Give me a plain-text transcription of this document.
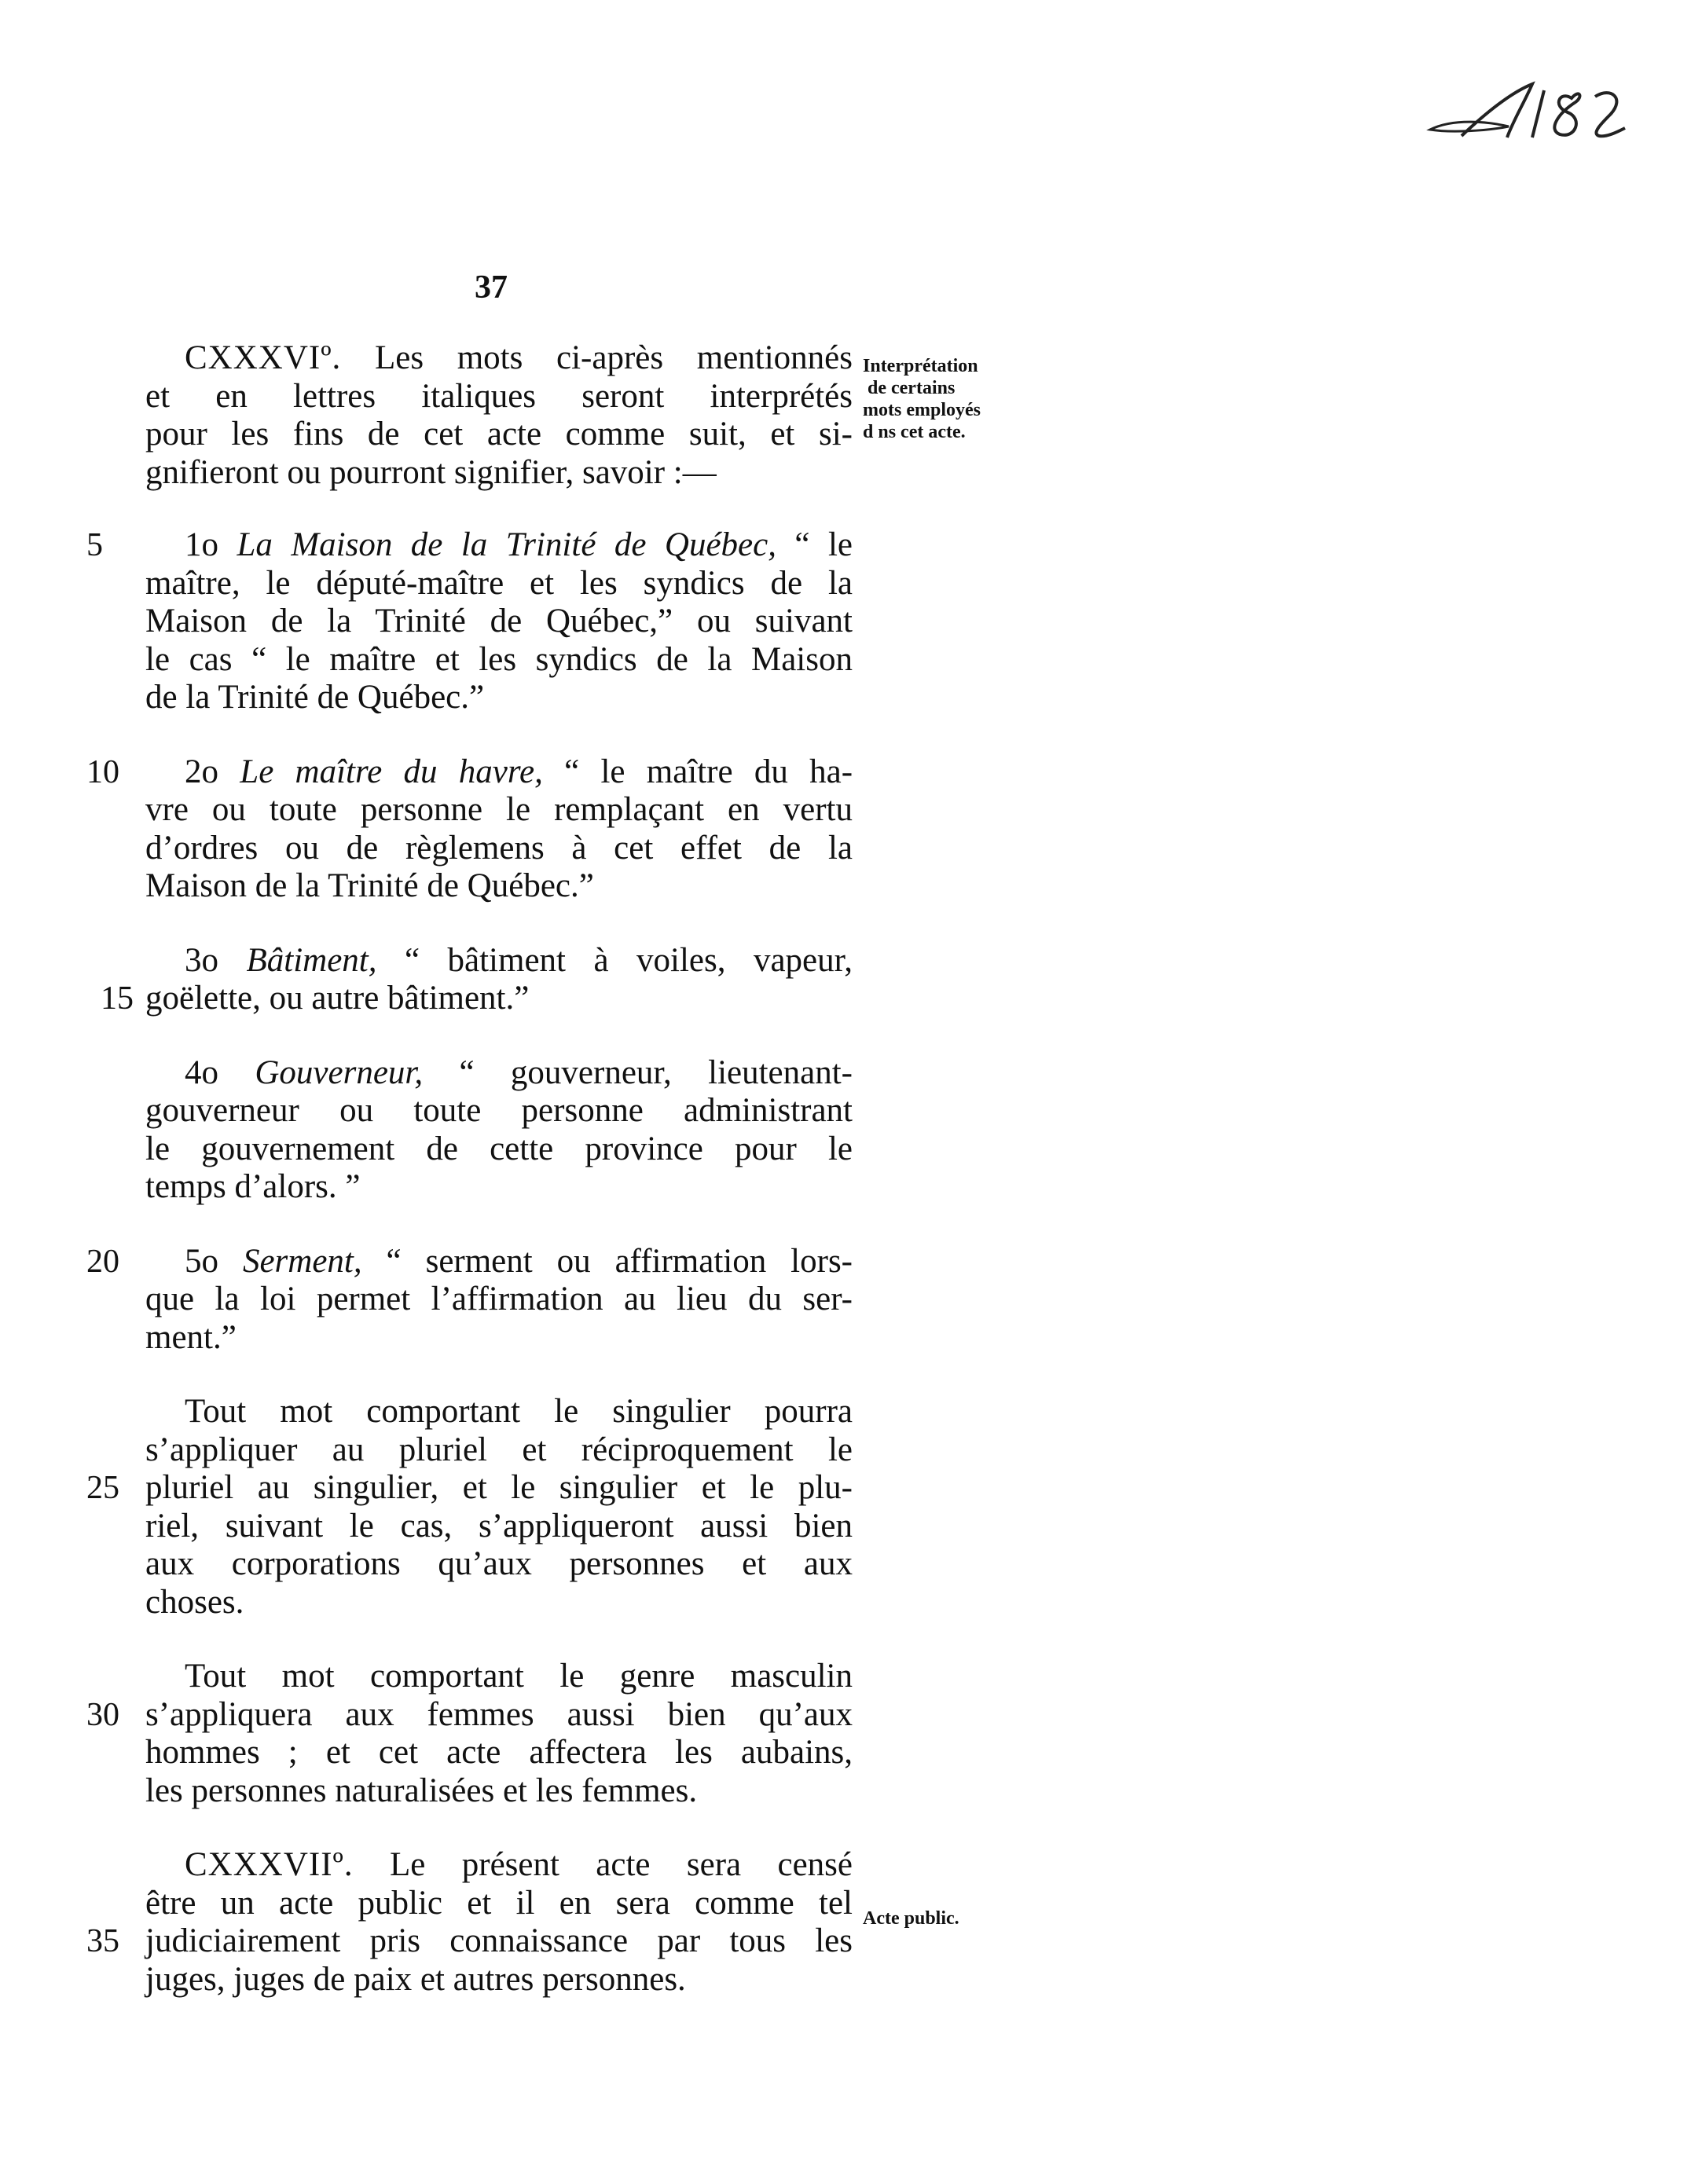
482
37
Interprétation
de certains
mots employés
d ns cet acte.
Acte public.
CXXXVIº. Les mots ci-après mentionnés
et en lettres italiques seront interprétés
pour les fins de cet acte comme suit, et si-
gnifieront ou pourront signifier, savoir :—
5	1o La Maison de la Trinité de Québec, “ le
maître, le député-maître et les syndics de la
Maison de la Trinité de Québec,” ou suivant
le cas “ le maître et les syndics de la Maison
de la Trinité de Québec.”
10	2o Le maître du havre, “ le maître du ha-
vre ou toute personne le remplaçant en vertu
d’ordres ou de règlemens à cet effet de la
Maison de la Trinité de Québec.”
3o Bâtiment, “ bâtiment à voiles, vapeur,
15 goëlette, ou autre bâtiment.”
4o Gouverneur, “ gouverneur, lieutenant-
gouverneur ou toute personne administrant
le gouvernement de cette province pour le
temps d’alors. ”
20	5o Serment, “ serment ou affirmation lors-
que la loi permet l’affirmation au lieu du ser-
ment.”
Tout mot comportant le singulier pourra
s’appliquer au pluriel et réciproquement le
25 pluriel au singulier, et le singulier et le plu-
riel, suivant le cas, s’appliqueront aussi bien
aux corporations qu’aux personnes et aux
choses.
Tout mot comportant le genre masculin
30 s’appliquera aux femmes aussi bien qu’aux
hommes ; et cet acte affectera les aubains,
les personnes naturalisées et les femmes.
CXXXVIIº. Le présent acte sera censé
être un acte public et il en sera comme tel
35 judiciairement pris connaissance par tous les
juges, juges de paix et autres personnes.
